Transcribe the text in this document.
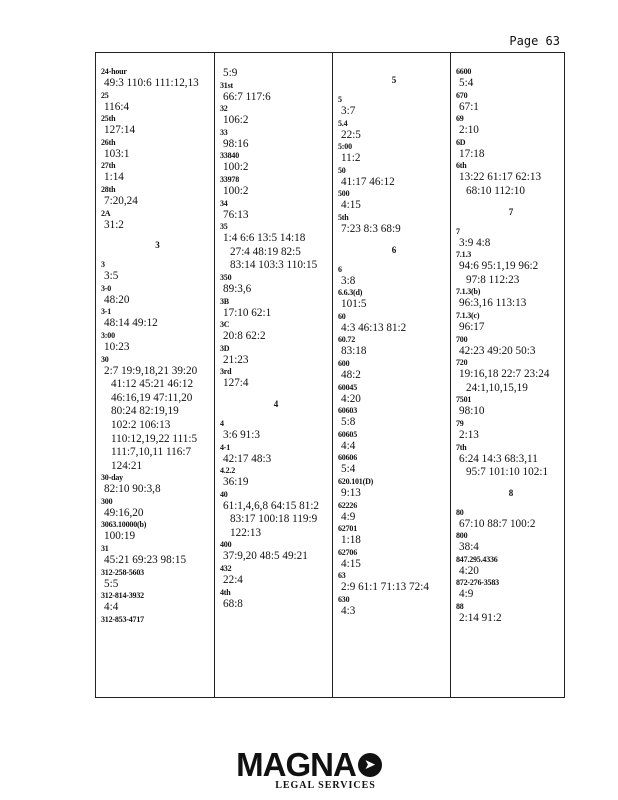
Page 63
24-hour
49:3 110:6 111:12,13
25
116:4
25th
127:14
26th
103:1
27th
1:14
28th
7:20,24
2A
31:2
3
3
3:5
3-0
48:20
3-1
48:14 49:12
3:00
10:23
30
2:7 19:9,18,21 39:20
41:12 45:21 46:12
46:16,19 47:11,20
80:24 82:19,19
102:2 106:13
110:12,19,22 111:5
111:7,10,11 116:7
124:21
30-day
82:10 90:3,8
300
49:16,20
3063.10000(b)
100:19
31
45:21 69:23 98:15
312-258-5603
5:5
312-814-3932
4:4
312-853-4717
5:9
31st
66:7 117:6
32
106:2
33
98:16
33840
100:2
33978
100:2
34
76:13
35
1:4 6:6 13:5 14:18
27:4 48:19 82:5
83:14 103:3 110:15
350
89:3,6
3B
17:10 62:1
3C
20:8 62:2
3D
21:23
3rd
127:4
4
4
3:6 91:3
4-1
42:17 48:3
4.2.2
36:19
40
61:1,4,6,8 64:15 81:2
83:17 100:18 119:9
122:13
400
37:9,20 48:5 49:21
432
22:4
4th
68:8
5
5
3:7
5.4
22:5
5:00
11:2
50
41:17 46:12
500
4:15
5th
7:23 8:3 68:9
6
6
3:8
6.6.3(d)
101:5
60
4:3 46:13 81:2
60.72
83:18
600
48:2
60045
4:20
60603
5:8
60605
4:4
60606
5:4
620.101(D)
9:13
62226
4:9
62701
1:18
62706
4:15
63
2:9 61:1 71:13 72:4
630
4:3
6600
5:4
670
67:1
69
2:10
6D
17:18
6th
13:22 61:17 62:13
68:10 112:10
7
7
3:9 4:8
7.1.3
94:6 95:1,19 96:2
97:8 112:23
7.1.3(b)
96:3,16 113:13
7.1.3(c)
96:17
700
42:23 49:20 50:3
720
19:16,18 22:7 23:24
24:1,10,15,19
7501
98:10
79
2:13
7th
6:24 14:3 68:3,11
95:7 101:10 102:1
8
80
67:10 88:7 100:2
800
38:4
847.295.4336
4:20
872-276-3583
4:9
88
2:14 91:2
MAGNA ➤
LEGAL SERVICES
